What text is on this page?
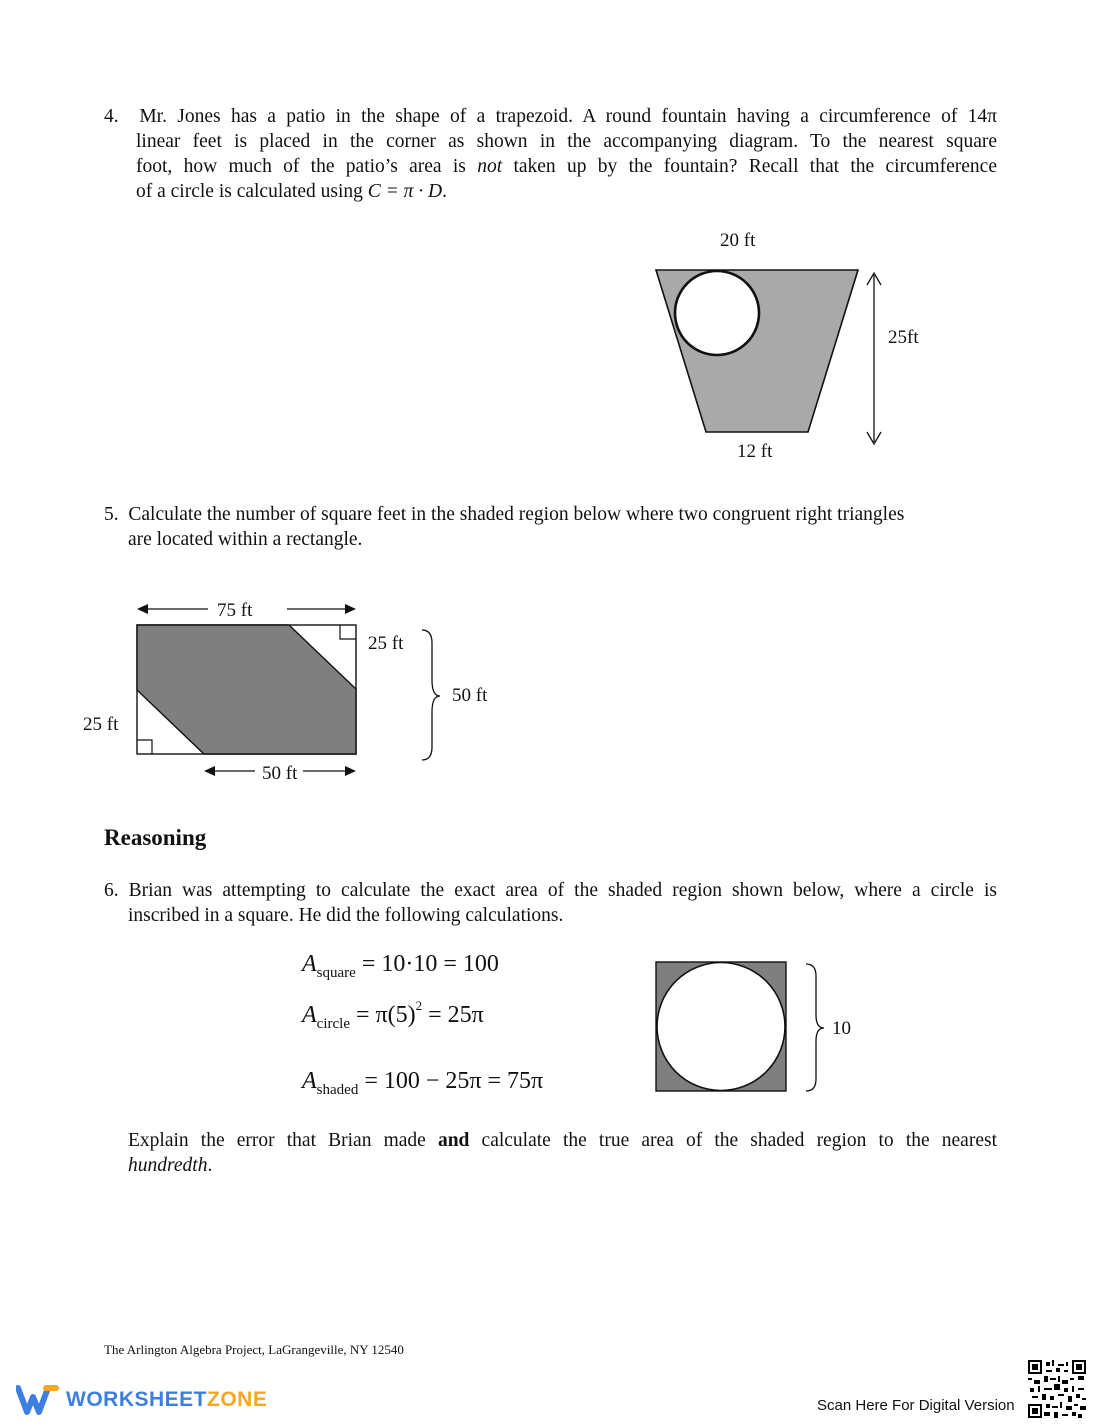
4. Mr. Jones has a patio in the shape of a trapezoid. A round fountain having a circumference of 14π

linear feet is placed in the corner as shown in the accompanying diagram. To the nearest square

foot, how much of the patio’s area is not taken up by the fountain? Recall that the circumference

of a circle is calculated using C = π · D.

20 ft
25ft
12 ft

5. Calculate the number of square feet in the shaded region below where two congruent right triangles

are located within a rectangle.

75 ft
25 ft
50 ft
25 ft
50 ft
Reasoning

6. Brian was attempting to calculate the exact area of the shaded region shown below, where a circle is

inscribed in a square. He did the following calculations.

$A_{square} = 10\cdot 10 = 100$
$A_{circle} = \pi(5)^2 = 25\pi$
$A_{shaded} = 100 - 25\pi = 75\pi$
10

Explain the error that Brian made and calculate the true area of the shaded region to the nearest

hundredth.

The Arlington Algebra Project, LaGrangeville, NY 12540
WORKSHEETZONE	Scan Here For Digital Version
